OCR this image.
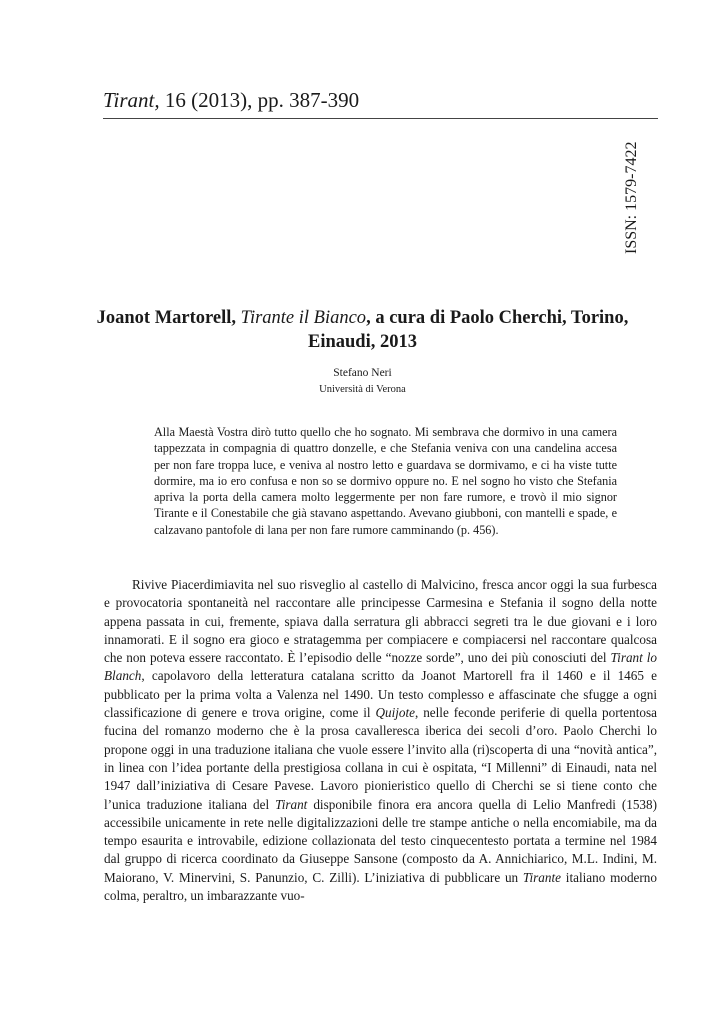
Tirant, 16 (2013), pp. 387-390
ISSN: 1579-7422
Joanot Martorell, Tirante il Bianco, a cura di Paolo Cherchi, Torino, Einaudi, 2013
Stefano Neri
Università di Verona
Alla Maestà Vostra dirò tutto quello che ho sognato. Mi sembrava che dormivo in una camera tappezzata in compagnia di quattro donzelle, e che Stefania veniva con una candelina accesa per non fare troppa luce, e veniva al nostro letto e guardava se dormivamo, e ci ha viste tutte dormire, ma io ero confusa e non so se dormivo oppure no. E nel sogno ho visto che Stefania apriva la porta della camera molto leggermente per non fare rumore, e trovò il mio signor Tirante e il Conestabile che già stavano aspettando. Avevano giubboni, con mantelli e spade, e calzavano pantofole di lana per non fare rumore camminando (p. 456).

Rivive Piacerdimiavita nel suo risveglio al castello di Malvicino, fresca ancor oggi la sua furbesca e provocatoria spontaneità nel raccontare alle principesse Carmesina e Stefania il sogno della notte appena passata in cui, fremente, spiava dalla serratura gli abbracci segreti tra le due giovani e i loro innamorati. E il sogno era gioco e stratagemma per compiacere e compiacersi nel raccontare qualcosa che non poteva essere raccontato. È l’episodio delle “nozze sorde”, uno dei più conosciuti del Tirant lo Blanch, capolavoro della letteratura catalana scritto da Joanot Martorell fra il 1460 e il 1465 e pubblicato per la prima volta a Valenza nel 1490. Un testo complesso e affascinate che sfugge a ogni classificazione di genere e trova origine, come il Quijote, nelle feconde periferie di quella portentosa fucina del romanzo moderno che è la prosa cavalleresca iberica dei secoli d’oro. Paolo Cherchi lo propone oggi in una traduzione italiana che vuole essere l’invito alla (ri)scoperta di una “novità antica”, in linea con l’idea portante della prestigiosa collana in cui è ospitata, “I Millenni” di Einaudi, nata nel 1947 dall’iniziativa di Cesare Pavese. Lavoro pionieristico quello di Cherchi se si tiene conto che l’unica traduzione italiana del Tirant disponibile finora era ancora quella di Lelio Manfredi (1538) accessibile unicamente in rete nelle digitalizzazioni delle tre stampe antiche o nella encomiabile, ma da tempo esaurita e introvabile, edizione collazionata del testo cinquecentesto portata a termine nel 1984 dal gruppo di ricerca coordinato da Giuseppe Sansone (composto da A. Annichiarico, M.L. Indini, M. Maiorano, V. Minervini, S. Panunzio, C. Zilli). L’iniziativa di pubblicare un Tirante italiano moderno colma, peraltro, un imbarazzante vuo-
